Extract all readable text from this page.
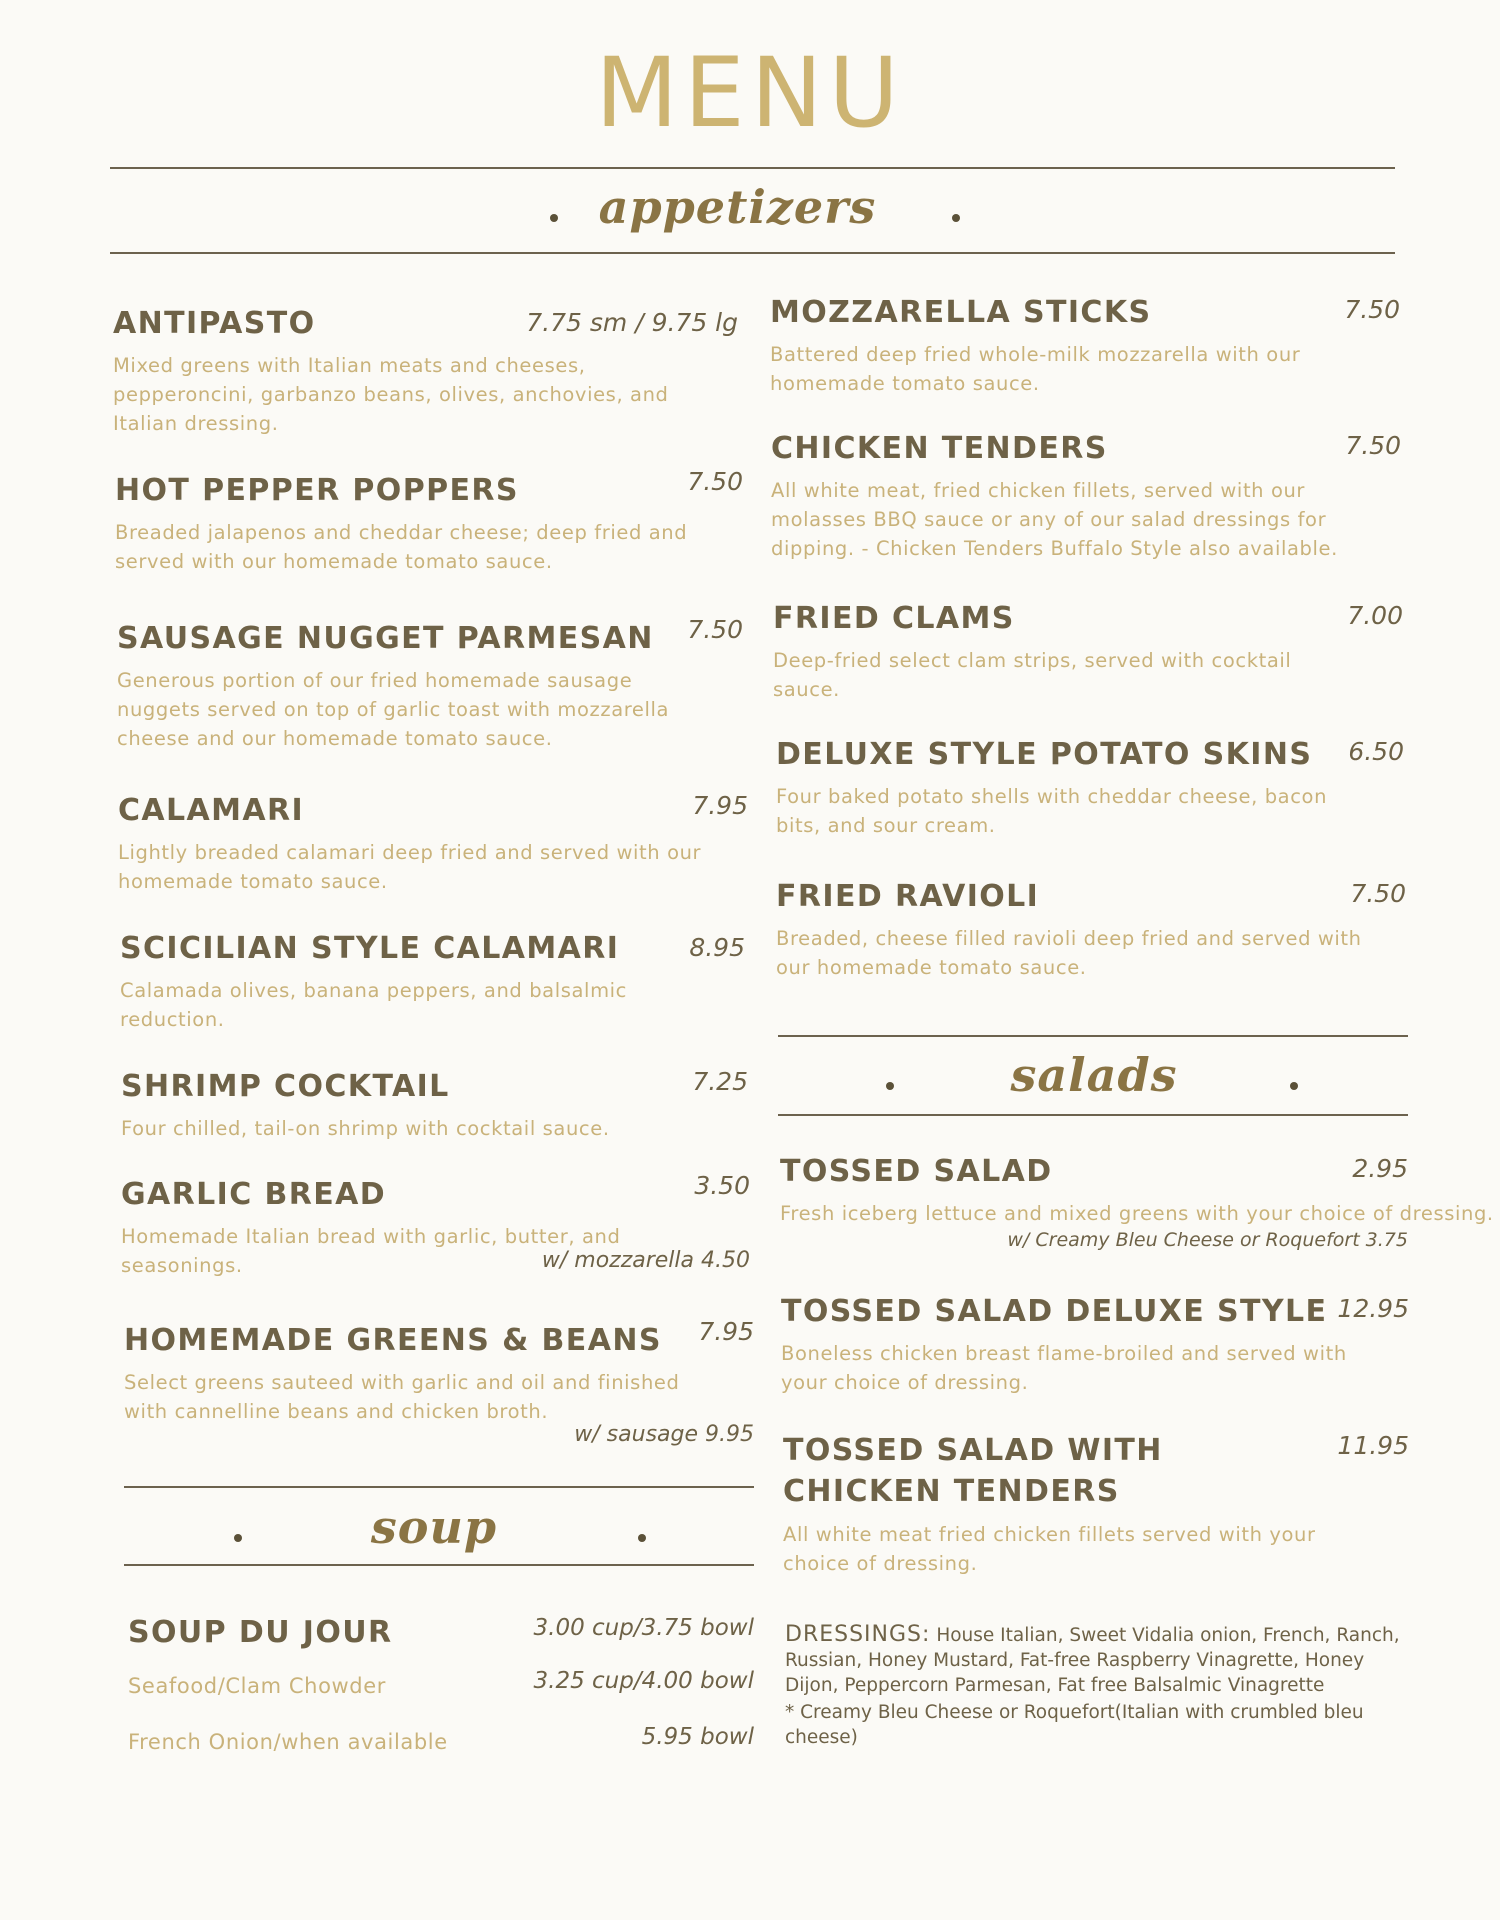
MENU
appetizers
ANTIPASTO	7.75 sm / 9.75 lg
Mixed greens with Italian meats and cheeses, pepperoncini, garbanzo beans, olives, anchovies, and Italian dressing.
HOT PEPPER POPPERS	7.50
Breaded jalapenos and cheddar cheese; deep fried and served with our homemade tomato sauce.
SAUSAGE NUGGET PARMESAN	7.50
Generous portion of our fried homemade sausage nuggets served on top of garlic toast with mozzarella cheese and our homemade tomato sauce.
CALAMARI	7.95
Lightly breaded calamari deep fried and served with our homemade tomato sauce.
SCICILIAN STYLE CALAMARI	8.95
Calamada olives, banana peppers, and balsalmic reduction.
SHRIMP COCKTAIL	7.25
Four chilled, tail-on shrimp with cocktail sauce.
GARLIC BREAD	3.50
Homemade Italian bread with garlic, butter, and seasonings.	w/ mozzarella 4.50
HOMEMADE GREENS & BEANS	7.95
Select greens sauteed with garlic and oil and finished with cannelline beans and chicken broth.
w/ sausage 9.95
soup
SOUP DU JOUR	3.00 cup/3.75 bowl
Seafood/Clam Chowder	3.25 cup/4.00 bowl
French Onion/when available	5.95 bowl
MOZZARELLA STICKS	7.50
Battered deep fried whole-milk mozzarella with our homemade tomato sauce.
CHICKEN TENDERS	7.50
All white meat, fried chicken fillets, served with our molasses BBQ sauce or any of our salad dressings for dipping. - Chicken Tenders Buffalo Style also available.
FRIED CLAMS	7.00
Deep-fried select clam strips, served with cocktail sauce.
DELUXE STYLE POTATO SKINS	6.50
Four baked potato shells with cheddar cheese, bacon bits, and sour cream.
FRIED RAVIOLI	7.50
Breaded, cheese filled ravioli deep fried and served with our homemade tomato sauce.
salads
TOSSED SALAD	2.95
Fresh iceberg lettuce and mixed greens with your choice of dressing.
w/ Creamy Bleu Cheese or Roquefort 3.75
TOSSED SALAD DELUXE STYLE 12.95
Boneless chicken breast flame-broiled and served with your choice of dressing.
TOSSED SALAD WITH CHICKEN TENDERS
11.95
All white meat fried chicken fillets served with your choice of dressing.
DRESSINGS: House Italian, Sweet Vidalia onion, French, Ranch, Russian, Honey Mustard, Fat-free Raspberry Vinagrette, Honey Dijon, Peppercorn Parmesan, Fat free Balsalmic Vinagrette
* Creamy Bleu Cheese or Roquefort(Italian with crumbled bleu cheese)
